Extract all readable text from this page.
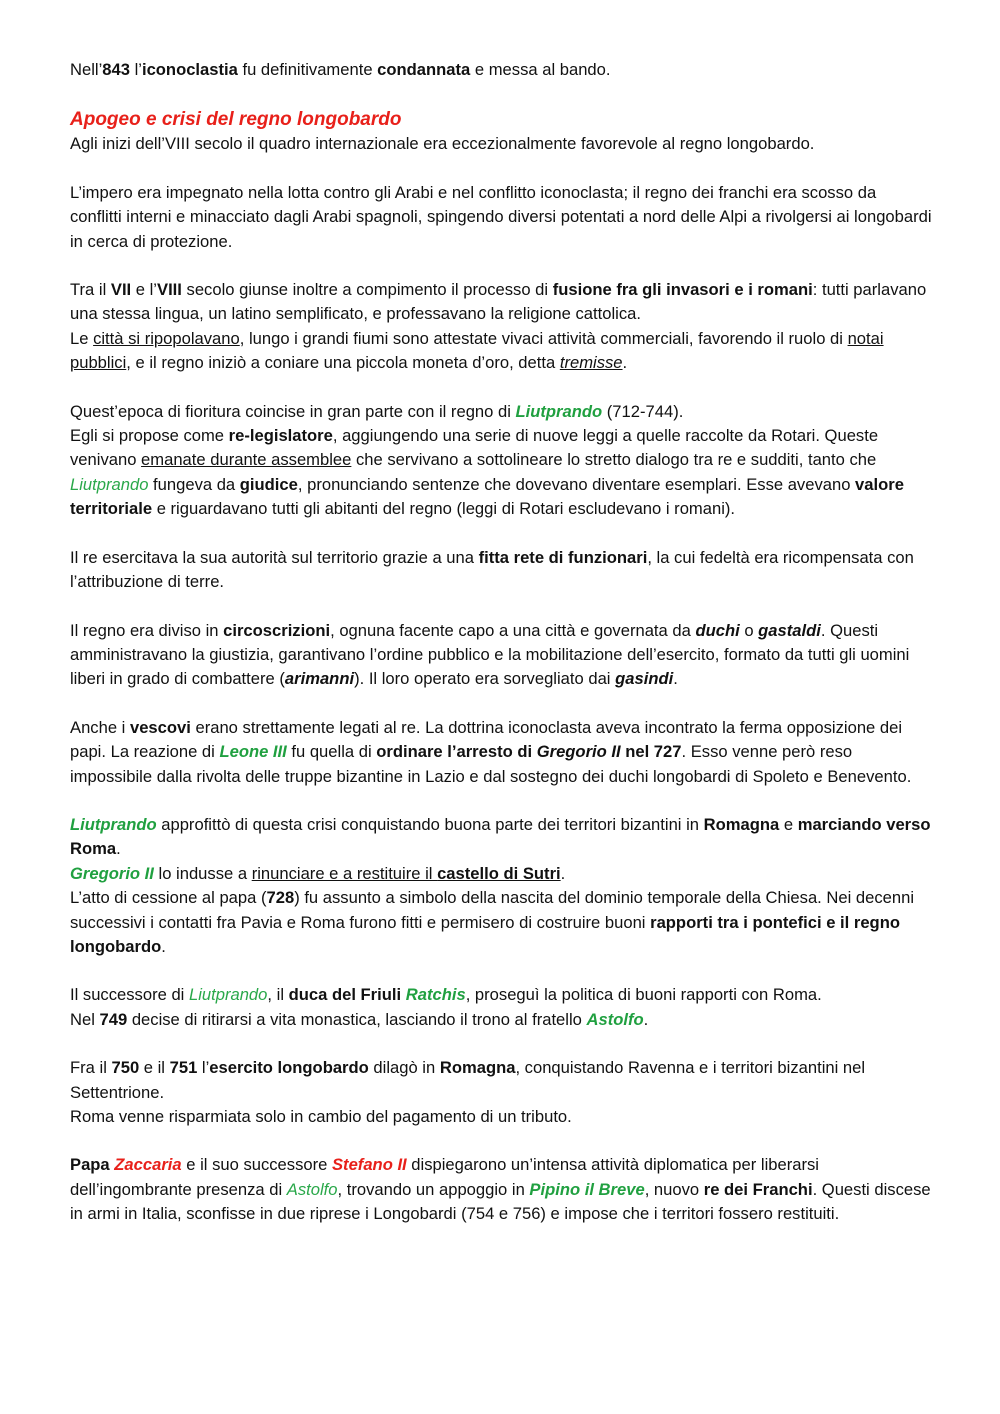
Nell’843 l’iconoclastia fu definitivamente condannata e messa al bando.

Apogeo e crisi del regno longobardo

Agli inizi dell’VIII secolo il quadro internazionale era eccezionalmente favorevole al regno longobardo.

L’impero era impegnato nella lotta contro gli Arabi e nel conflitto iconoclasta; il regno dei franchi era scosso da conflitti interni e minacciato dagli Arabi spagnoli, spingendo diversi potentati a nord delle Alpi a rivolgersi ai longobardi in cerca di protezione.

Tra il VII e l’VIII secolo giunse inoltre a compimento il processo di fusione fra gli invasori e i romani: tutti parlavano una stessa lingua, un latino semplificato, e professavano la religione cattolica.

Le città si ripopolavano, lungo i grandi fiumi sono attestate vivaci attività commerciali, favorendo il ruolo di notai pubblici, e il regno iniziò a coniare una piccola moneta d’oro, detta tremisse.

Quest’epoca di fioritura coincise in gran parte con il regno di Liutprando (712-744).

Egli si propose come re-legislatore, aggiungendo una serie di nuove leggi a quelle raccolte da Rotari. Queste venivano emanate durante assemblee che servivano a sottolineare lo stretto dialogo tra re e sudditi, tanto che Liutprando fungeva da giudice, pronunciando sentenze che dovevano diventare esemplari. Esse avevano valore territoriale e riguardavano tutti gli abitanti del regno (leggi di Rotari escludevano i romani).

Il re esercitava la sua autorità sul territorio grazie a una fitta rete di funzionari, la cui fedeltà era ricompensata con l’attribuzione di terre.

Il regno era diviso in circoscrizioni, ognuna facente capo a una città e governata da duchi o gastaldi. Questi amministravano la giustizia, garantivano l’ordine pubblico e la mobilitazione dell’esercito, formato da tutti gli uomini liberi in grado di combattere (arimanni). Il loro operato era sorvegliato dai gasindi.

Anche i vescovi erano strettamente legati al re. La dottrina iconoclasta aveva incontrato la ferma opposizione dei papi. La reazione di Leone III fu quella di ordinare l’arresto di Gregorio II nel 727. Esso venne però reso impossibile dalla rivolta delle truppe bizantine in Lazio e dal sostegno dei duchi longobardi di Spoleto e Benevento.

Liutprando approfittò di questa crisi conquistando buona parte dei territori bizantini in Romagna e marciando verso Roma.

Gregorio II lo indusse a rinunciare e a restituire il castello di Sutri.

L’atto di cessione al papa (728) fu assunto a simbolo della nascita del dominio temporale della Chiesa. Nei decenni successivi i contatti fra Pavia e Roma furono fitti e permisero di costruire buoni rapporti tra i pontefici e il regno longobardo.

Il successore di Liutprando, il duca del Friuli Ratchis, proseguì la politica di buoni rapporti con Roma.

Nel 749 decise di ritirarsi a vita monastica, lasciando il trono al fratello Astolfo.

Fra il 750 e il 751 l’esercito longobardo dilagò in Romagna, conquistando Ravenna e i territori bizantini nel Settentrione.

Roma venne risparmiata solo in cambio del pagamento di un tributo.

Papa Zaccaria e il suo successore Stefano II dispiegarono un’intensa attività diplomatica per liberarsi dell’ingombrante presenza di Astolfo, trovando un appoggio in Pipino il Breve, nuovo re dei Franchi. Questi discese in armi in Italia, sconfisse in due riprese i Longobardi (754 e 756) e impose che i territori fossero restituiti.
